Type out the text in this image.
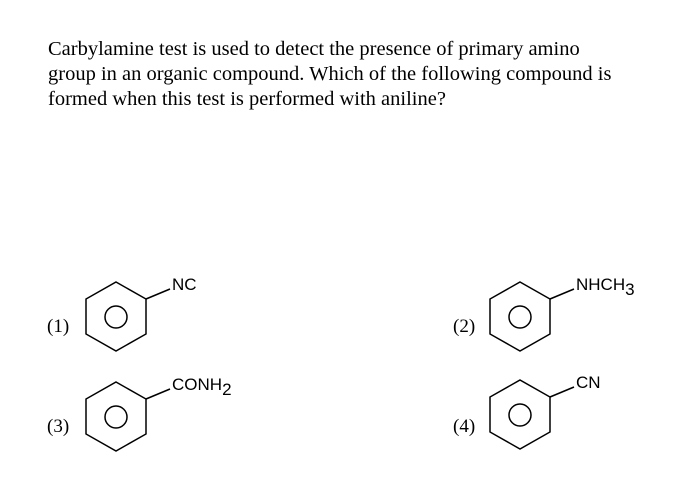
Carbylamine test is used to detect the presence of primary amino group in an organic compound. Which of the following compound is formed when this test is performed with aniline?

(1)
NC
(2)
NHCH3
(3)
CONH2
(4)
CN
